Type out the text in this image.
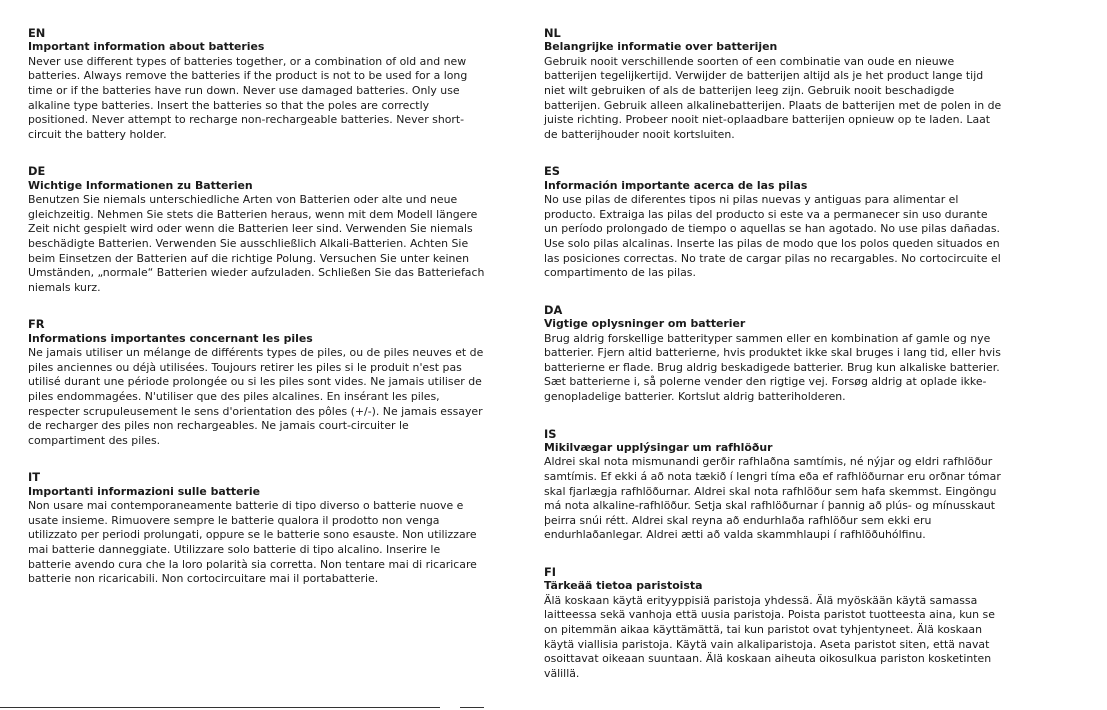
EN

Important information about batteries

Never use different types of batteries together, or a combination of old and new batteries. Always remove the batteries if the product is not to be used for a long time or if the batteries have run down. Never use damaged batteries. Only use alkaline type batteries. Insert the batteries so that the poles are correctly positioned. Never attempt to recharge non-rechargeable batteries. Never short-circuit the battery holder.

DE

Wichtige Informationen zu Batterien

Benutzen Sie niemals unterschiedliche Arten von Batterien oder alte und neue gleichzeitig. Nehmen Sie stets die Batterien heraus, wenn mit dem Modell längere Zeit nicht gespielt wird oder wenn die Batterien leer sind. Verwenden Sie niemals beschädigte Batterien. Verwenden Sie ausschließlich Alkali-Batterien. Achten Sie beim Einsetzen der Batterien auf die richtige Polung. Versuchen Sie unter keinen Umständen, „normale“ Batterien wieder aufzuladen. Schließen Sie das Batteriefach niemals kurz.

FR

Informations importantes concernant les piles

Ne jamais utiliser un mélange de différents types de piles, ou de piles neuves et de piles anciennes ou déjà utilisées. Toujours retirer les piles si le produit n'est pas utilisé durant une période prolongée ou si les piles sont vides. Ne jamais utiliser de piles endommagées. N'utiliser que des piles alcalines. En insérant les piles, respecter scrupuleusement le sens d'orientation des pôles (+/-). Ne jamais essayer de recharger des piles non rechargeables. Ne jamais court-circuiter le compartiment des piles.

IT

Importanti informazioni sulle batterie

Non usare mai contemporaneamente batterie di tipo diverso o batterie nuove e usate insieme. Rimuovere sempre le batterie qualora il prodotto non venga utilizzato per periodi prolungati, oppure se le batterie sono esauste. Non utilizzare mai batterie danneggiate. Utilizzare solo batterie di tipo alcalino. Inserire le batterie avendo cura che la loro polarità sia corretta. Non tentare mai di ricaricare batterie non ricaricabili. Non cortocircuitare mai il portabatterie.

NL

Belangrijke informatie over batterijen

Gebruik nooit verschillende soorten of een combinatie van oude en nieuwe batterijen tegelijkertijd. Verwijder de batterijen altijd als je het product lange tijd niet wilt gebruiken of als de batterijen leeg zijn. Gebruik nooit beschadigde batterijen. Gebruik alleen alkalinebatterijen. Plaats de batterijen met de polen in de juiste richting. Probeer nooit niet-oplaadbare batterijen opnieuw op te laden. Laat de batterijhouder nooit kortsluiten.

ES

Información importante acerca de las pilas

No use pilas de diferentes tipos ni pilas nuevas y antiguas para alimentar el producto. Extraiga las pilas del producto si este va a permanecer sin uso durante un período prolongado de tiempo o aquellas se han agotado. No use pilas dañadas. Use solo pilas alcalinas. Inserte las pilas de modo que los polos queden situados en las posiciones correctas. No trate de cargar pilas no recargables. No cortocircuite el compartimento de las pilas.

DA

Vigtige oplysninger om batterier

Brug aldrig forskellige batterityper sammen eller en kombination af gamle og nye batterier. Fjern altid batterierne, hvis produktet ikke skal bruges i lang tid, eller hvis batterierne er flade. Brug aldrig beskadigede batterier. Brug kun alkaliske batterier. Sæt batterierne i, så polerne vender den rigtige vej. Forsøg aldrig at oplade ikke-genopladelige batterier. Kortslut aldrig batteriholderen.

IS

Mikilvægar upplýsingar um rafhlöður

Aldrei skal nota mismunandi gerðir rafhlaðna samtímis, né nýjar og eldri rafhlöður samtímis. Ef ekki á að nota tækið í lengri tíma eða ef rafhlöðurnar eru orðnar tómar skal fjarlægja rafhlöðurnar. Aldrei skal nota rafhlöður sem hafa skemmst. Eingöngu má nota alkaline-rafhlöður. Setja skal rafhlöðurnar í þannig að plús- og mínusskaut þeirra snúi rétt. Aldrei skal reyna að endurhlaða rafhlöður sem ekki eru endurhlaðanlegar. Aldrei ætti að valda skammhlaupi í rafhlöðuhólfinu.

FI

Tärkeää tietoa paristoista

Älä koskaan käytä erityyppisiä paristoja yhdessä. Älä myöskään käytä samassa laitteessa sekä vanhoja että uusia paristoja. Poista paristot tuotteesta aina, kun se on pitemmän aikaa käyttämättä, tai kun paristot ovat tyhjentyneet. Älä koskaan käytä viallisia paristoja. Käytä vain alkaliparistoja. Aseta paristot siten, että navat osoittavat oikeaan suuntaan. Älä koskaan aiheuta oikosulkua pariston kosketinten välillä.
